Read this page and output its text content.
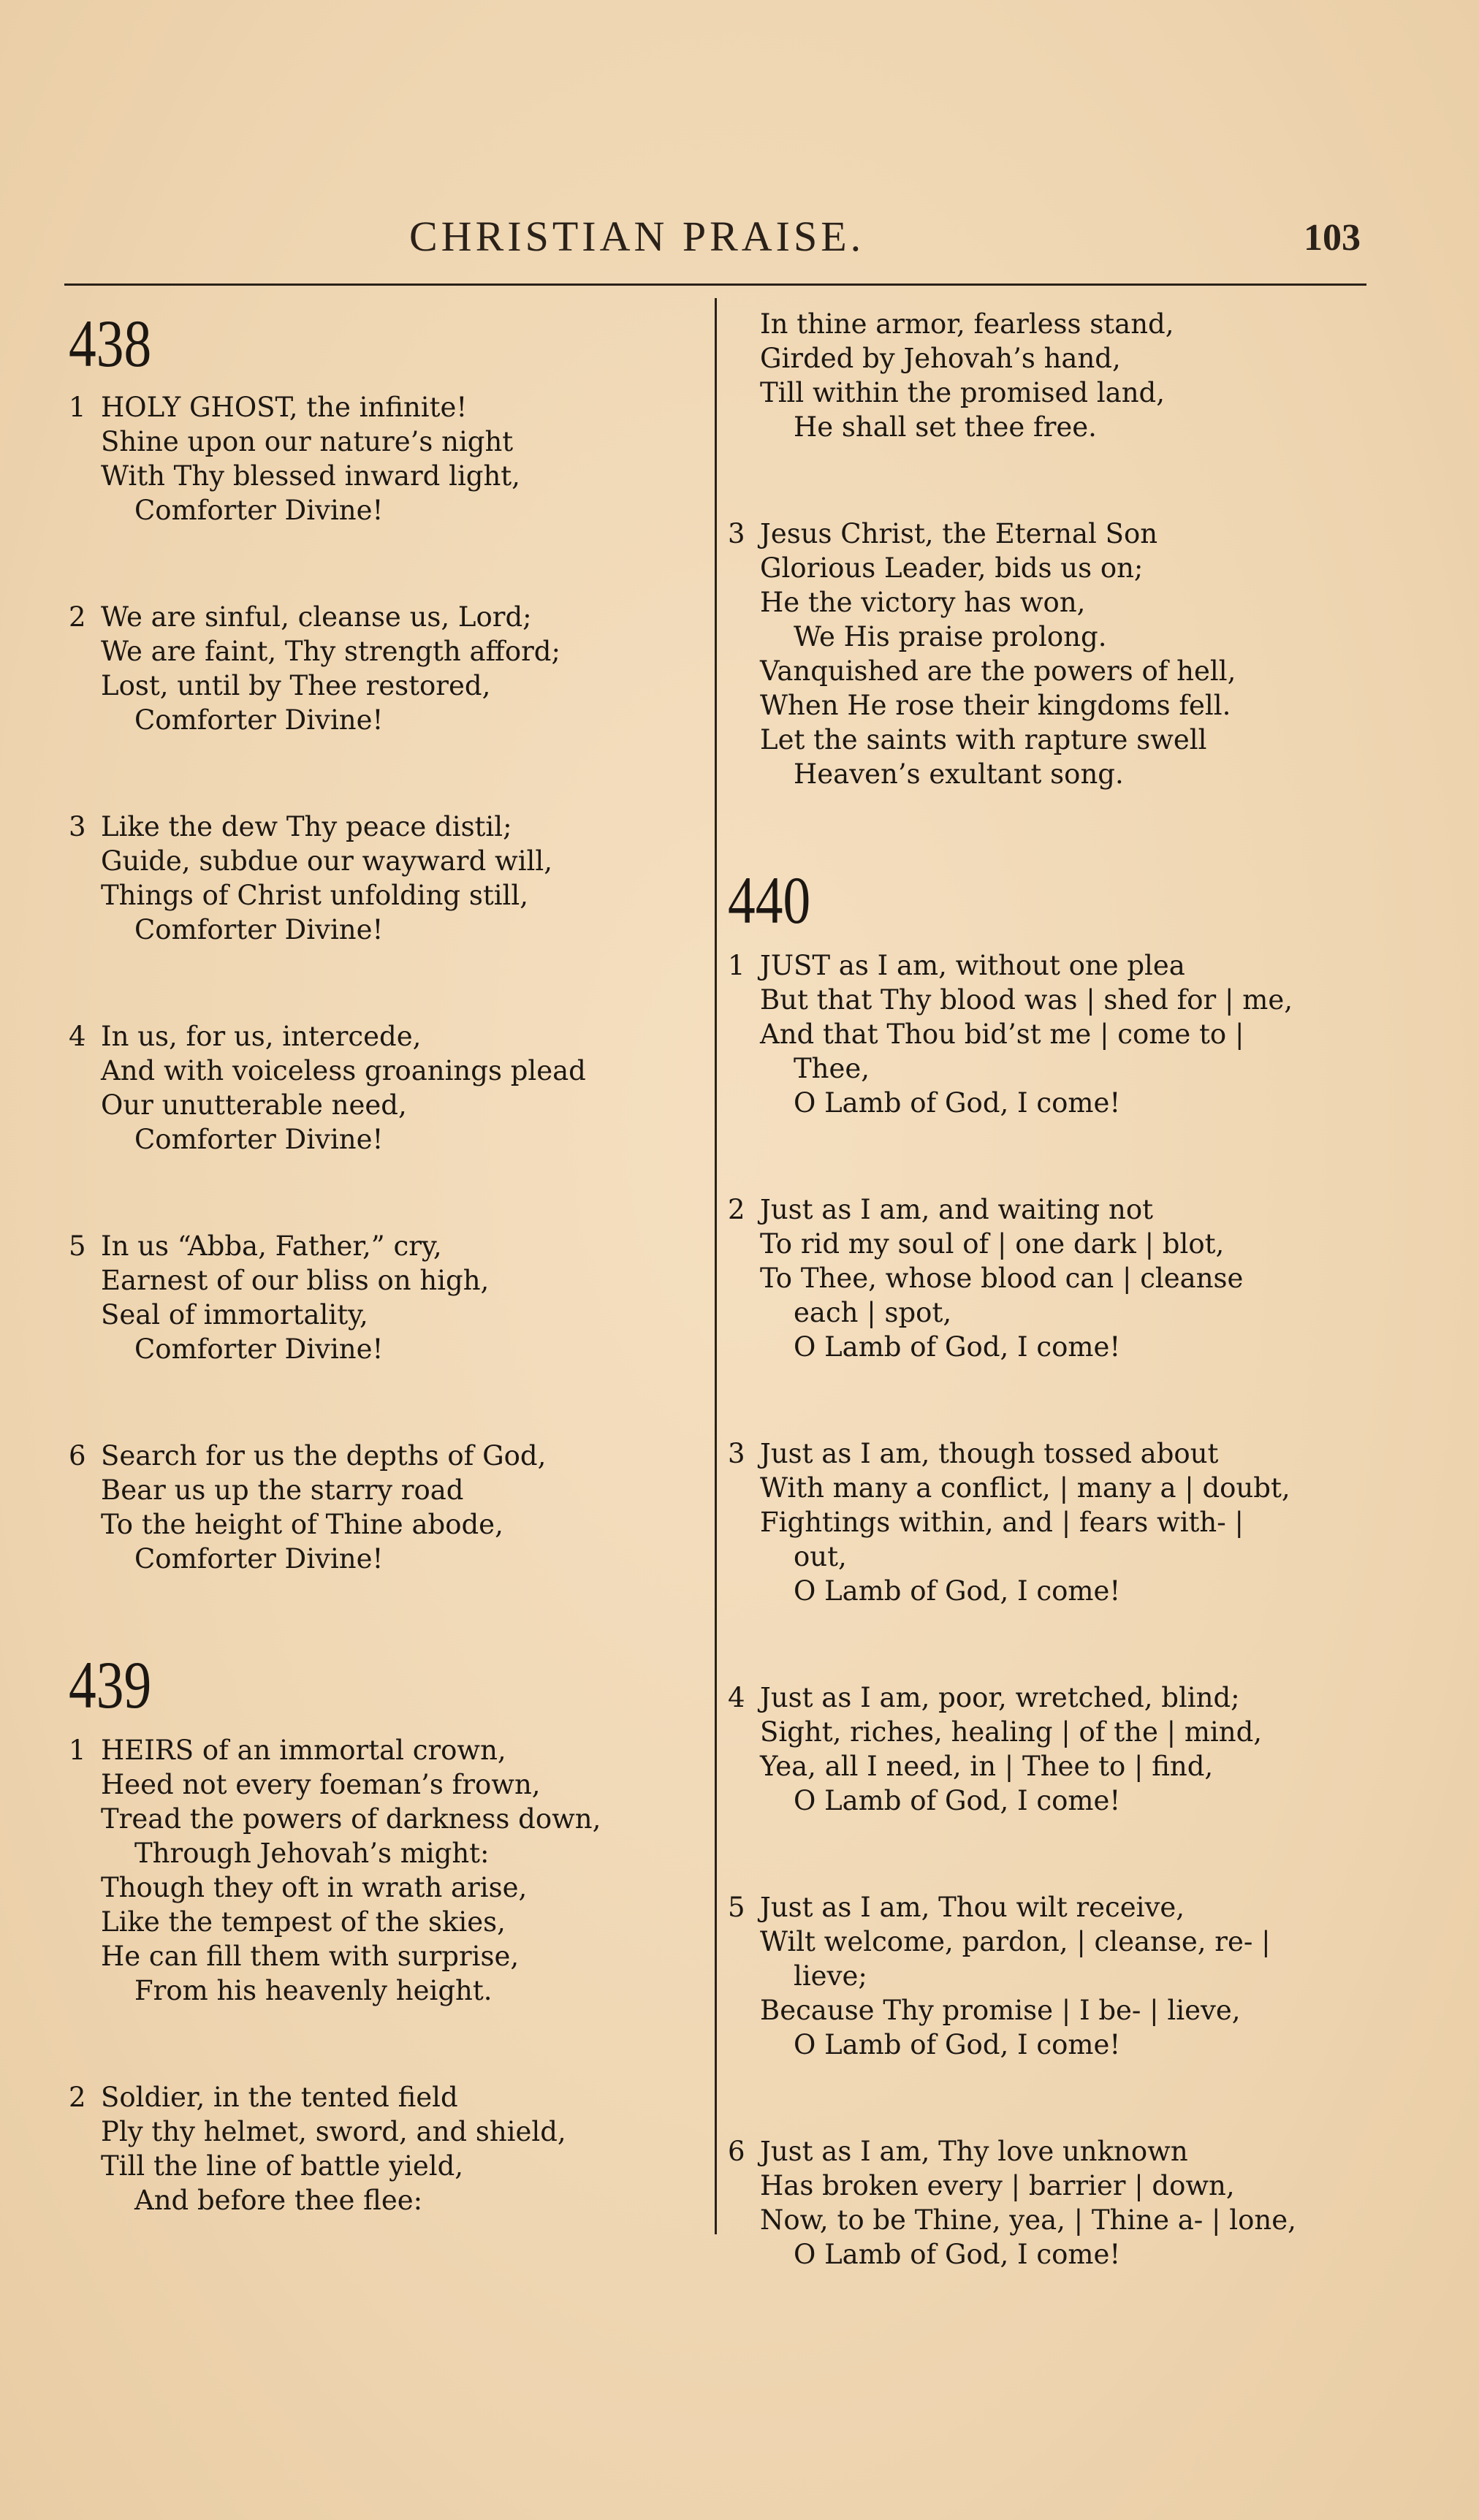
CHRISTIAN PRAISE.	103
438
1 HOLY GHOST, the infinite!
Shine upon our nature’s night
With Thy blessed inward light,
Comforter Divine!
2 We are sinful, cleanse us, Lord;
We are faint, Thy strength afford;
Lost, until by Thee restored,
Comforter Divine!
3 Like the dew Thy peace distil;
Guide, subdue our wayward will,
Things of Christ unfolding still,
Comforter Divine!
4 In us, for us, intercede,
And with voiceless groanings plead
Our unutterable need,
Comforter Divine!
5 In us “Abba, Father,” cry,
Earnest of our bliss on high,
Seal of immortality,
Comforter Divine!
6 Search for us the depths of God,
Bear us up the starry road
To the height of Thine abode,
Comforter Divine!
439
1 HEIRS of an immortal crown,
Heed not every foeman’s frown,
Tread the powers of darkness down,
Through Jehovah’s might:
Though they oft in wrath arise,
Like the tempest of the skies,
He can fill them with surprise,
From his heavenly height.
2 Soldier, in the tented field
Ply thy helmet, sword, and shield,
Till the line of battle yield,
And before thee flee:
In thine armor, fearless stand,
Girded by Jehovah’s hand,
Till within the promised land,
He shall set thee free.
3 Jesus Christ, the Eternal Son
Glorious Leader, bids us on;
He the victory has won,
We His praise prolong.
Vanquished are the powers of hell,
When He rose their kingdoms fell.
Let the saints with rapture swell
Heaven’s exultant song.
440
1 JUST as I am, without one plea
But that Thy blood was | shed for | me,
And that Thou bid’st me | come to |
Thee,
O Lamb of God, I come!
2 Just as I am, and waiting not
To rid my soul of | one dark | blot,
To Thee, whose blood can | cleanse
each | spot,
O Lamb of God, I come!
3 Just as I am, though tossed about
With many a conflict, | many a | doubt,
Fightings within, and | fears with- |
out,
O Lamb of God, I come!
4 Just as I am, poor, wretched, blind;
Sight, riches, healing | of the | mind,
Yea, all I need, in | Thee to | find,
O Lamb of God, I come!
5 Just as I am, Thou wilt receive,
Wilt welcome, pardon, | cleanse, re- |
lieve;
Because Thy promise | I be- | lieve,
O Lamb of God, I come!
6 Just as I am, Thy love unknown
Has broken every | barrier | down,
Now, to be Thine, yea, | Thine a- | lone,
O Lamb of God, I come!
